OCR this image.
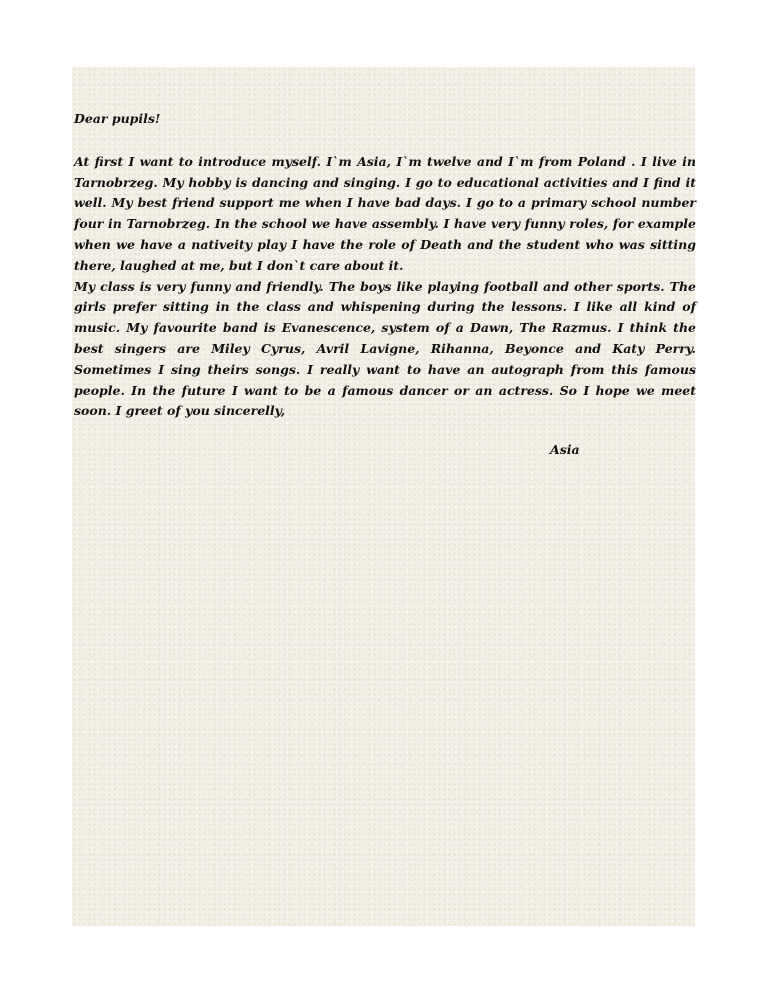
Dear pupils!

At first I want to introduce myself. I`m Asia, I`m twelve and I`m from Poland . I live in Tarnobrzeg. My hobby is dancing and singing. I go to educational activities and I find it well. My best friend support me when I have bad days. I go to a primary school number four in Tarnobrzeg. In the school we have assembly. I have very funny roles, for example when we have a nativeity play I have the role of Death and the student who was sitting there, laughed at me, but I don`t care about it.

My class is very funny and friendly. The boys like playing football and other sports. The girls prefer sitting in the class and whispening during the lessons. I like all kind of music. My favourite band is Evanescence, system of a Dawn, The Razmus. I think the best singers are Miley Cyrus, Avril Lavigne, Rihanna, Beyonce and Katy Perry. Sometimes I sing theirs songs. I really want to have an autograph from this famous people. In the future I want to be a famous dancer or an actress. So I hope we meet soon. I greet of you sincerelly,

Asia
